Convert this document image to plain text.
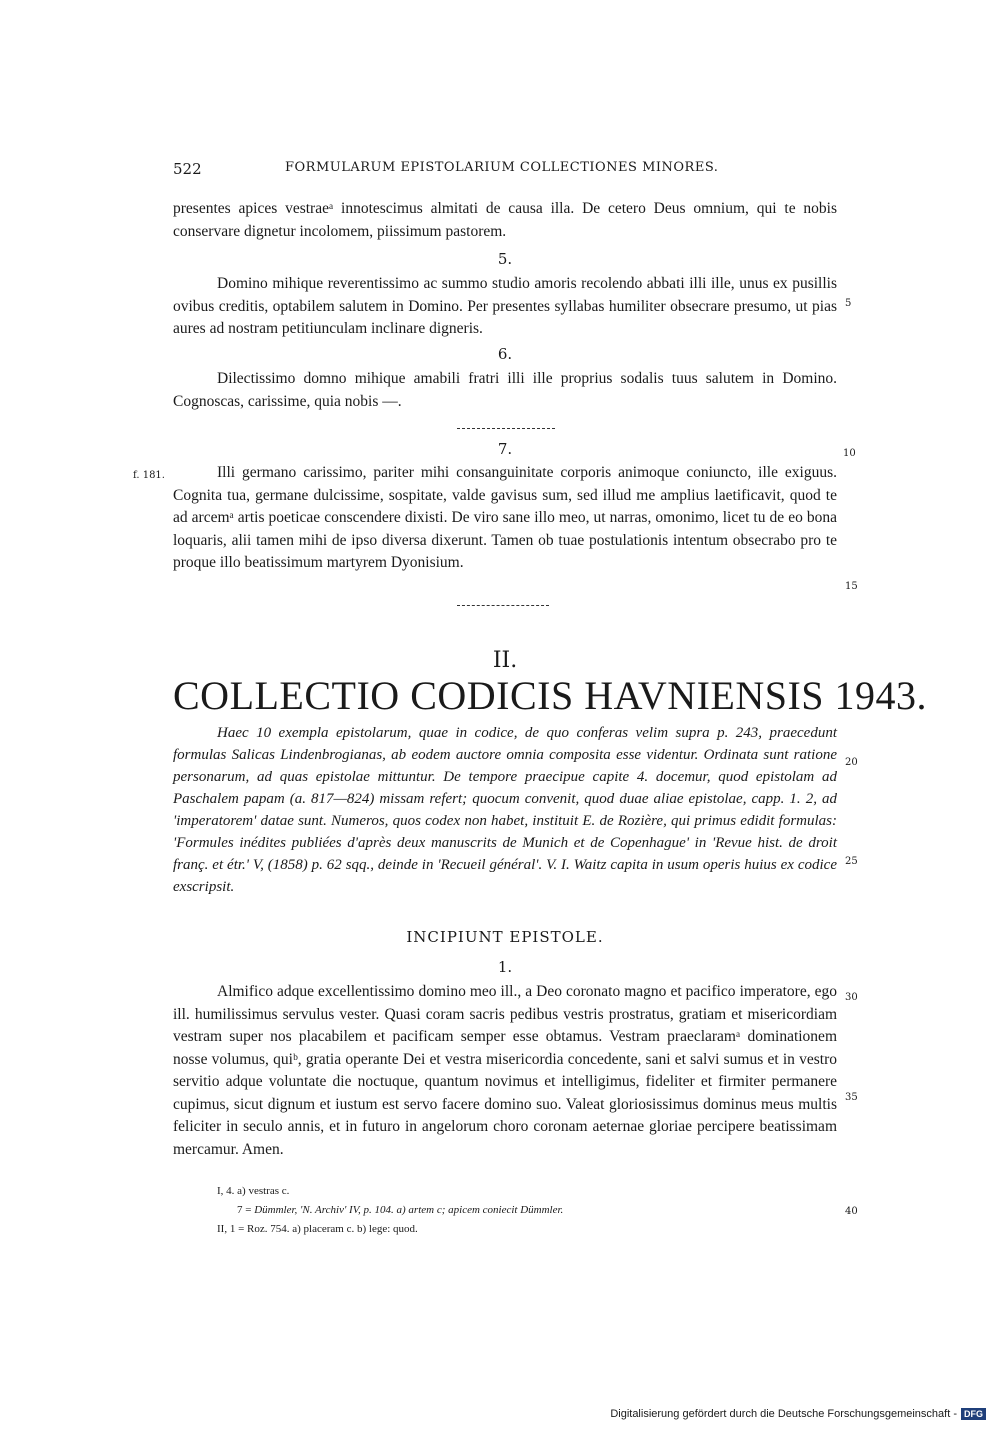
522	FORMULARUM EPISTOLARIUM COLLECTIONES MINORES.

presentes apices vestraeᵃ innotescimus almitati de causa illa. De cetero Deus omnium, qui te nobis conservare dignetur incolomem, piissimum pastorem.

5.

Domino mihique reverentissimo ac summo studio amoris recolendo abbati illi ille, unus ex pusillis ovibus creditis, optabilem salutem in Domino. Per presentes syllabas humiliter obsecrare presumo, ut pias aures ad nostram petitiunculam inclinare digneris.

5
6.

Dilectissimo domno mihique amabili fratri illi ille proprius sodalis tuus salutem in Domino. Cognoscas, carissime, quia nobis —.

7.	10
f. 181.	Illi germano carissimo, pariter mihi consanguinitate corporis animoque coniuncto, ille exiguus. Cognita tua, germane dulcissime, sospitate, valde gavisus sum, sed illud me amplius laetificavit, quod te ad arcemᵃ artis poeticae conscendere dixisti. De viro sane illo meo, ut narras, omonimo, licet tu de eo bona loquaris, alii tamen mihi de ipso diversa dixerunt. Tamen ob tuae postulationis intentum obsecrabo pro te proque illo beatissimum martyrem Dyonisium.

15
II.
COLLECTIO CODICIS HAVNIENSIS 1943.

Haec 10 exempla epistolarum, quae in codice, de quo conferas velim supra p. 243, praecedunt formulas Salicas Lindenbrogianas, ab eodem auctore omnia composita esse videntur. Ordinata sunt ratione personarum, ad quas epistolae mittuntur. De tempore praecipue capite 4. docemur, quod epistolam ad Paschalem papam (a. 817—824) missam refert; quocum convenit, quod duae aliae epistolae, capp. 1. 2, ad 'imperatorem' datae sunt. Numeros, quos codex non habet, instituit E. de Rozière, qui primus edidit formulas: 'Formules inédites publiées d'après deux manuscrits de Munich et de Copenhague' in 'Revue hist. de droit franç. et étr.' V, (1858) p. 62 sqq., deinde in 'Recueil général'. V. I. Waitz capita in usum operis huius ex codice exscripsit.

20
25
INCIPIUNT EPISTOLE.
1.

Almifico adque excellentissimo domino meo ill., a Deo coronato magno et pacifico imperatore, ego ill. humilissimus servulus vester. Quasi coram sacris pedibus vestris prostratus, gratiam et misericordiam vestram super nos placabilem et pacificam semper esse obtamus. Vestram praeclaramᵃ dominationem nosse volumus, quiᵇ, gratia operante Dei et vestra misericordia concedente, sani et salvi sumus et in vestro servitio adque voluntate die noctuque, quantum novimus et intelligimus, fideliter et firmiter permanere cupimus, sicut dignum et iustum est servo facere domino suo. Valeat gloriosissimus dominus meus multis feliciter in seculo annis, et in futuro in angelorum choro coronam aeternae gloriae percipere beatissimam mercamur. Amen.

30
35
I, 4. a) vestras c.
7 = Dümmler, 'N. Archiv' IV, p. 104. a) artem c; apicem coniecit Dümmler.
II, 1 = Roz. 754. a) placeram c. b) lege: quod.
40
Digitalisierung gefördert durch die Deutsche Forschungsgemeinschaft - DFG
